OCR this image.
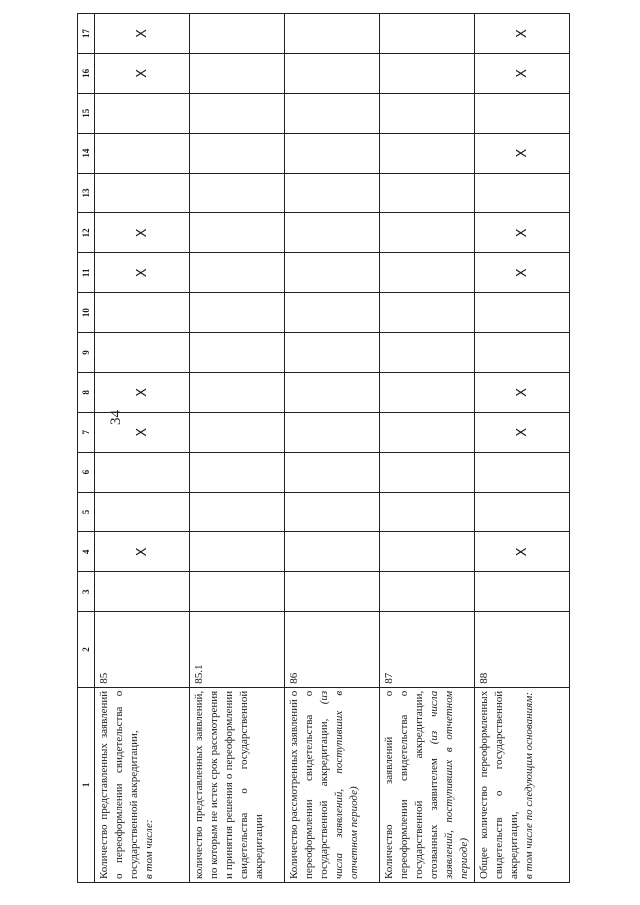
34
1	2	3	4	5	6	7	8	9	10	11	12	13	14	15	16	17
Количество представленных заявлений о переоформлении свидетельства о государственной аккредитации, в том числе:	85		X			X	X			X	X				X	X
количество представленных заявлений, по которым не истек срок рассмотрения и принятия решения о переоформлении свидетельства о государственной аккредитации	85.1															
Количество рассмотренных заявлений о переоформлении свидетельства о государственной аккредитации, (из числа заявлений, поступивших в отчетном периоде)	86															
Количество заявлений о переоформлении свидетельства о государственной аккредитации, отозванных заявителем (из числа заявлений, поступивших в отчетном периоде)	87															
Общее количество переоформленных свидетельств о государственной аккредитации, в том числе по следующим основаниям:	88		X			X	X			X	X		X		X	X
